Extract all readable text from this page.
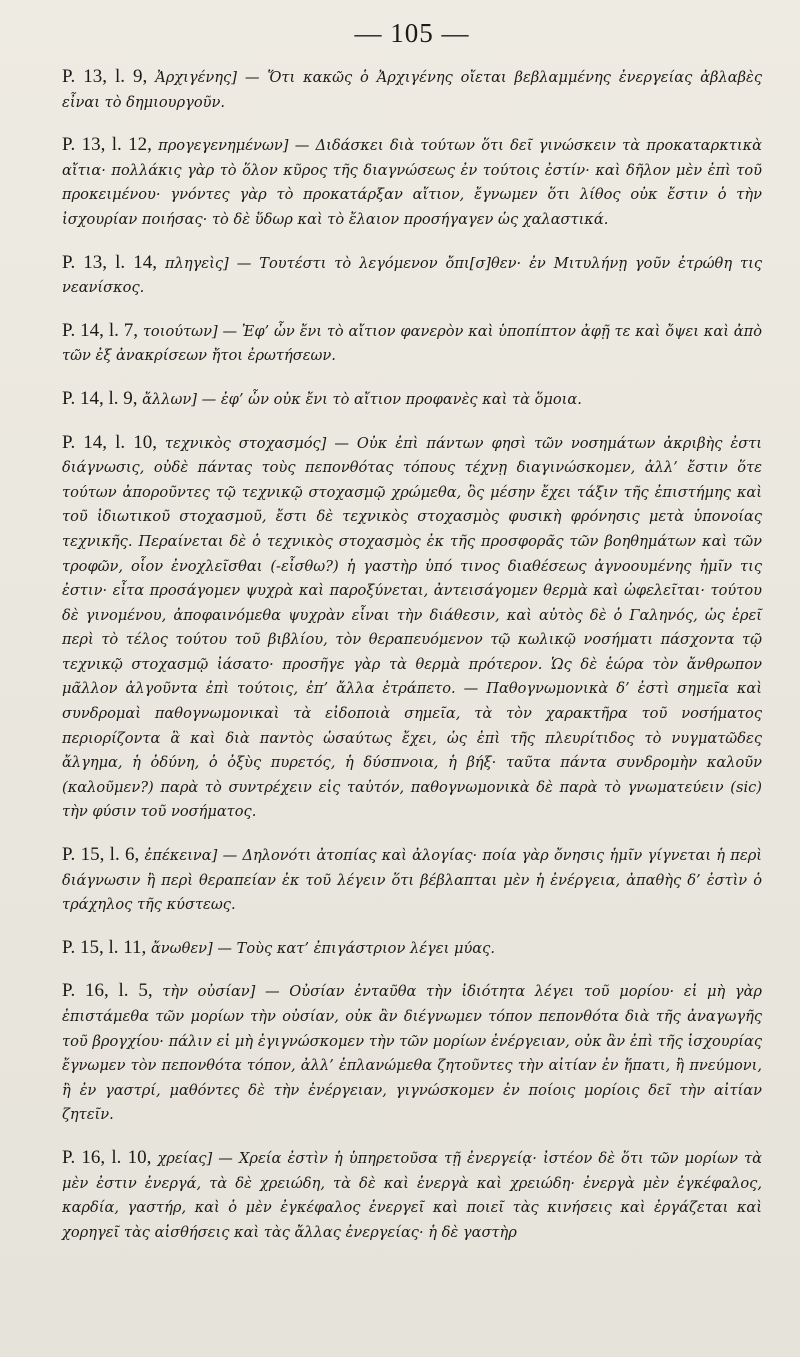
— 105 —
P. 13, l. 9, Ἀρχιγένης] — Ὅτι κακῶς ὁ Ἀρχιγένης οἴεται βεβλαμμένης ἐνεργείας ἀβλαβὲς εἶναι τὸ δημιουργοῦν.
P. 13, l. 12, προγεγενημένων] — Διδάσκει διὰ τούτων ὅτι δεῖ γινώσκειν τὰ προκαταρκτικὰ αἴτια· πολλάκις γὰρ τὸ ὅλον κῦρος τῆς διαγνώσεως ἐν τούτοις ἐστίν· καὶ δῆλον μὲν ἐπὶ τοῦ προκειμένου· γνόντες γὰρ τὸ προκατάρξαν αἴτιον, ἔγνωμεν ὅτι λίθος οὐκ ἔστιν ὁ τὴν ἰσχουρίαν ποιήσας· τὸ δὲ ὕδωρ καὶ τὸ ἔλαιον προσήγαγεν ὡς χαλαστικά.
P. 13, l. 14, πληγεὶς] — Τουτέστι τὸ λεγόμενον ὄπι[σ]θεν· ἐν Μιτυλήνῃ γοῦν ἐτρώθη τις νεανίσκος.
P. 14, l. 7, τοιούτων] — Ἐφ’ ὧν ἔνι τὸ αἴτιον φανερὸν καὶ ὑποπίπτον ἀφῇ τε καὶ ὄψει καὶ ἀπὸ τῶν ἐξ ἀνακρίσεων ἤτοι ἐρωτήσεων.
P. 14, l. 9, ἄλλων] — ἐφ’ ὧν οὐκ ἔνι τὸ αἴτιον προφανὲς καὶ τὰ ὅμοια.
P. 14, l. 10, τεχνικὸς στοχασμός] — Οὐκ ἐπὶ πάντων φησὶ τῶν νοσημάτων ἀκριβὴς ἐστι διάγνωσις, οὐδὲ πάντας τοὺς πεπονθότας τόπους τέχνῃ διαγινώσκομεν, ἀλλ’ ἔστιν ὅτε τούτων ἀποροῦντες τῷ τεχνικῷ στοχασμῷ χρώμεθα, ὃς μέσην ἔχει τάξιν τῆς ἐπιστήμης καὶ τοῦ ἰδιωτικοῦ στοχασμοῦ, ἔστι δὲ τεχνικὸς στοχασμὸς φυσικὴ φρόνησις μετὰ ὑπονοίας τεχνικῆς. Περαίνεται δὲ ὁ τεχνικὸς στοχασμὸς ἐκ τῆς προσφορᾶς τῶν βοηθημάτων καὶ τῶν τροφῶν, οἷον ἐνοχλεῖσθαι (-εἶσθω?) ἡ γαστὴρ ὑπό τινος διαθέσεως ἀγνοουμένης ἡμῖν τις ἐστιν· εἶτα προσάγομεν ψυχρὰ καὶ παροξύνεται, ἀντεισάγομεν θερμὰ καὶ ὠφελεῖται· τούτου δὲ γινομένου, ἀποφαινόμεθα ψυχρὰν εἶναι τὴν διάθεσιν, καὶ αὐτὸς δὲ ὁ Γαληνός, ὡς ἐρεῖ περὶ τὸ τέλος τούτου τοῦ βιβλίου, τὸν θεραπευόμενον τῷ κωλικῷ νοσήματι πάσχοντα τῷ τεχνικῷ στοχασμῷ ἰάσατο· προσῆγε γὰρ τὰ θερμὰ πρότερον. Ὡς δὲ ἑώρα τὸν ἄνθρωπον μᾶλλον ἀλγοῦντα ἐπὶ τούτοις, ἐπ’ ἄλλα ἐτράπετο. — Παθογνωμονικὰ δ’ ἐστὶ σημεῖα καὶ συνδρομαὶ παθογνωμονικαὶ τὰ εἰδοποιὰ σημεῖα, τὰ τὸν χαρακτῆρα τοῦ νοσήματος περιορίζοντα ἃ καὶ διὰ παντὸς ὡσαύτως ἔχει, ὡς ἐπὶ τῆς πλευρίτιδος τὸ νυγματῶδες ἄλγημα, ἡ ὀδύνη, ὁ ὀξὺς πυρετός, ἡ δύσπνοια, ἡ βήξ· ταῦτα πάντα συνδρομὴν καλοῦν (καλοῦμεν?) παρὰ τὸ συντρέχειν εἰς ταὐτόν, παθογνωμονικὰ δὲ παρὰ τὸ γνωματεύειν (sic) τὴν φύσιν τοῦ νοσήματος.
P. 15, l. 6, ἐπέκεινα] — Δηλονότι ἀτοπίας καὶ ἀλογίας· ποία γὰρ ὄνησις ἡμῖν γίγνεται ἡ περὶ διάγνωσιν ἢ περὶ θεραπείαν ἐκ τοῦ λέγειν ὅτι βέβλαπται μὲν ἡ ἐνέργεια, ἀπαθὴς δ’ ἐστὶν ὁ τράχηλος τῆς κύστεως.
P. 15, l. 11, ἄνωθεν] — Τοὺς κατ’ ἐπιγάστριον λέγει μύας.
P. 16, l. 5, τὴν οὐσίαν] — Οὐσίαν ἐνταῦθα τὴν ἰδιότητα λέγει τοῦ μορίου· εἰ μὴ γὰρ ἐπιστάμεθα τῶν μορίων τὴν οὐσίαν, οὐκ ἂν διέγνωμεν τόπον πεπονθότα διὰ τῆς ἀναγωγῆς τοῦ βρογχίου· πάλιν εἰ μὴ ἐγιγνώσκομεν τὴν τῶν μορίων ἐνέργειαν, οὐκ ἂν ἐπὶ τῆς ἰσχουρίας ἔγνωμεν τὸν πεπονθότα τόπον, ἀλλ’ ἐπλανώμεθα ζητοῦντες τὴν αἰτίαν ἐν ἥπατι, ἢ πνεύμονι, ἢ ἐν γαστρί, μαθόντες δὲ τὴν ἐνέργειαν, γιγνώσκομεν ἐν ποίοις μορίοις δεῖ τὴν αἰτίαν ζητεῖν.
P. 16, l. 10, χρείας] — Χρεία ἐστὶν ἡ ὑπηρετοῦσα τῇ ἐνεργείᾳ· ἰστέον δὲ ὅτι τῶν μορίων τὰ μὲν ἐστιν ἐνεργά, τὰ δὲ χρειώδη, τὰ δὲ καὶ ἐνεργὰ καὶ χρειώδη· ἐνεργὰ μὲν ἐγκέφαλος, καρδία, γαστήρ, καὶ ὁ μὲν ἐγκέφαλος ἐνεργεῖ καὶ ποιεῖ τὰς κινήσεις καὶ ἐργάζεται καὶ χορηγεῖ τὰς αἰσθήσεις καὶ τὰς ἄλλας ἐνεργείας· ἡ δὲ γαστὴρ
